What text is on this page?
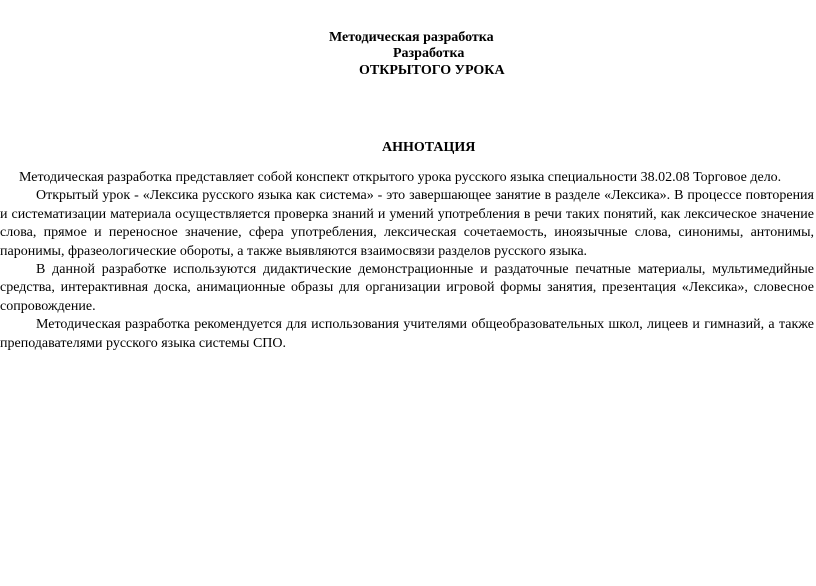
Методическая разработка
Разработка
ОТКРЫТОГО УРОКА
АННОТАЦИЯ

Методическая разработка представляет собой конспект открытого урока русского языка специальности 38.02.08 Торговое дело.

Открытый урок - «Лексика русского языка как система» - это завершающее занятие в разделе «Лексика». В процессе повторения и систематизации материала осуществляется проверка знаний и умений употребления в речи таких понятий, как лексическое значение слова, прямое и переносное значение, сфера употребления, лексическая сочетаемость, иноязычные слова, синонимы, антонимы, паронимы, фразеологические обороты, а также выявляются взаимосвязи разделов русского языка.

В данной разработке используются дидактические демонстрационные и раздаточные печатные материалы, мультимедийные средства, интерактивная доска, анимационные образы для организации игровой формы занятия, презентация «Лексика», словесное сопровождение.

Методическая разработка рекомендуется для использования учителями общеобразовательных школ, лицеев и гимназий, а также преподавателями русского языка системы СПО.
